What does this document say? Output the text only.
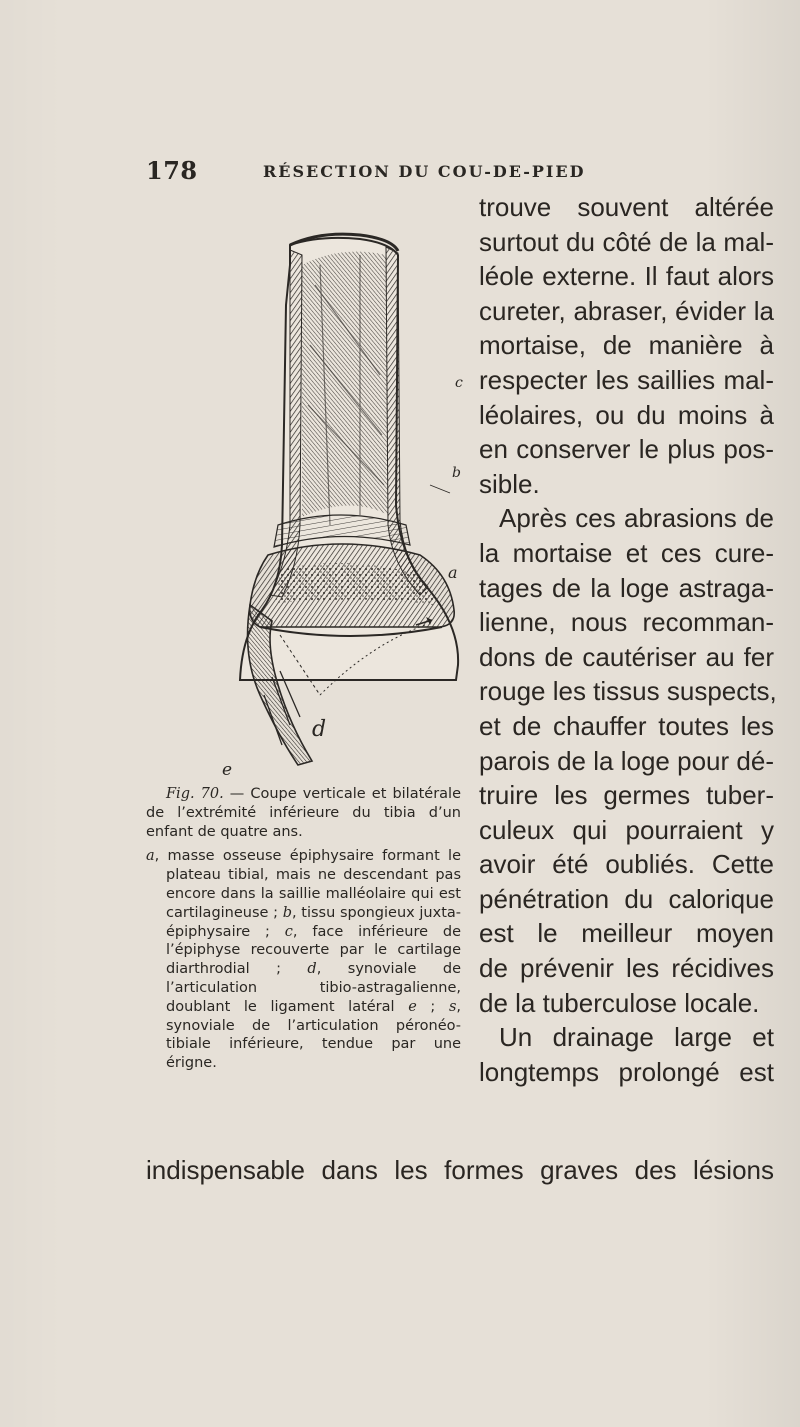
178	RÉSECTION DU COU-DE-PIED
b
c
a
d
e

Fig. 70. — Coupe verticale et bilatérale de l’extrémité inférieure du tibia d’un enfant de quatre ans.

a, masse osseuse épiphysaire formant le plateau tibial, mais ne descendant pas encore dans la saillie malléolaire qui est cartilagineuse ; b, tissu spongieux juxta-épiphysaire ; c, face inférieure de l’épiphyse recouverte par le cartilage diarthrodial ; d, synoviale de l’articulation tibio-astragalienne, doublant le ligament latéral e ; s, synoviale de l’articulation péronéo-tibiale inférieure, tendue par une érigne.

trouve souvent altérée
surtout du côté de la mal-
léole externe. Il faut alors
cureter, abraser, évider la
mortaise, de manière à
respecter les saillies mal-
léolaires, ou du moins à
en conserver le plus pos-
sible.

Après ces abrasions de
la mortaise et ces cure-
tages de la loge astraga-
lienne, nous recomman-
dons de cautériser au fer
rouge les tissus suspects,
et de chauffer toutes les
parois de la loge pour dé-
truire les germes tuber-
culeux qui pourraient y
avoir été oubliés. Cette
pénétration du calorique
est le meilleur moyen
de prévenir les récidives
de la tuberculose locale.

Un drainage large et
longtemps prolongé est

indispensable dans les formes graves des lésions
